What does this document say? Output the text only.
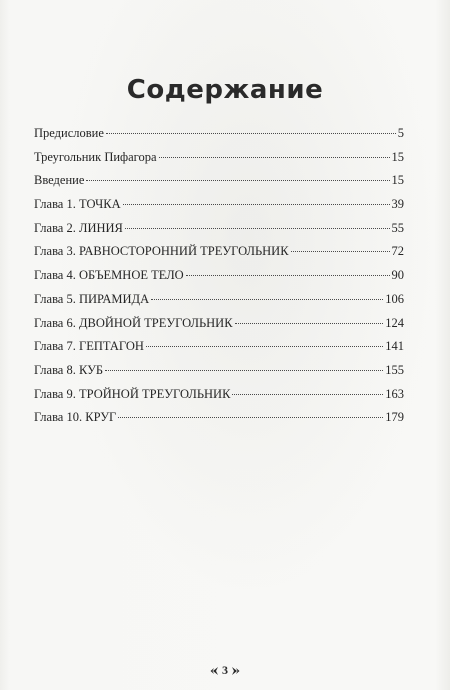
Содержание
Предисловие	5
Треугольник Пифагора	15
Введение	15
Глава 1. ТОЧКА	39
Глава 2. ЛИНИЯ	55
Глава 3. РАВНОСТОРОННИЙ ТРЕУГОЛЬНИК	72
Глава 4. ОБЪЕМНОЕ ТЕЛО	90
Глава 5. ПИРАМИДА	106
Глава 6. ДВОЙНОЙ ТРЕУГОЛЬНИК	124
Глава 7. ГЕПТАГОН	141
Глава 8. КУБ	155
Глава 9. ТРОЙНОЙ ТРЕУГОЛЬНИК	163
Глава 10. КРУГ	179
3
